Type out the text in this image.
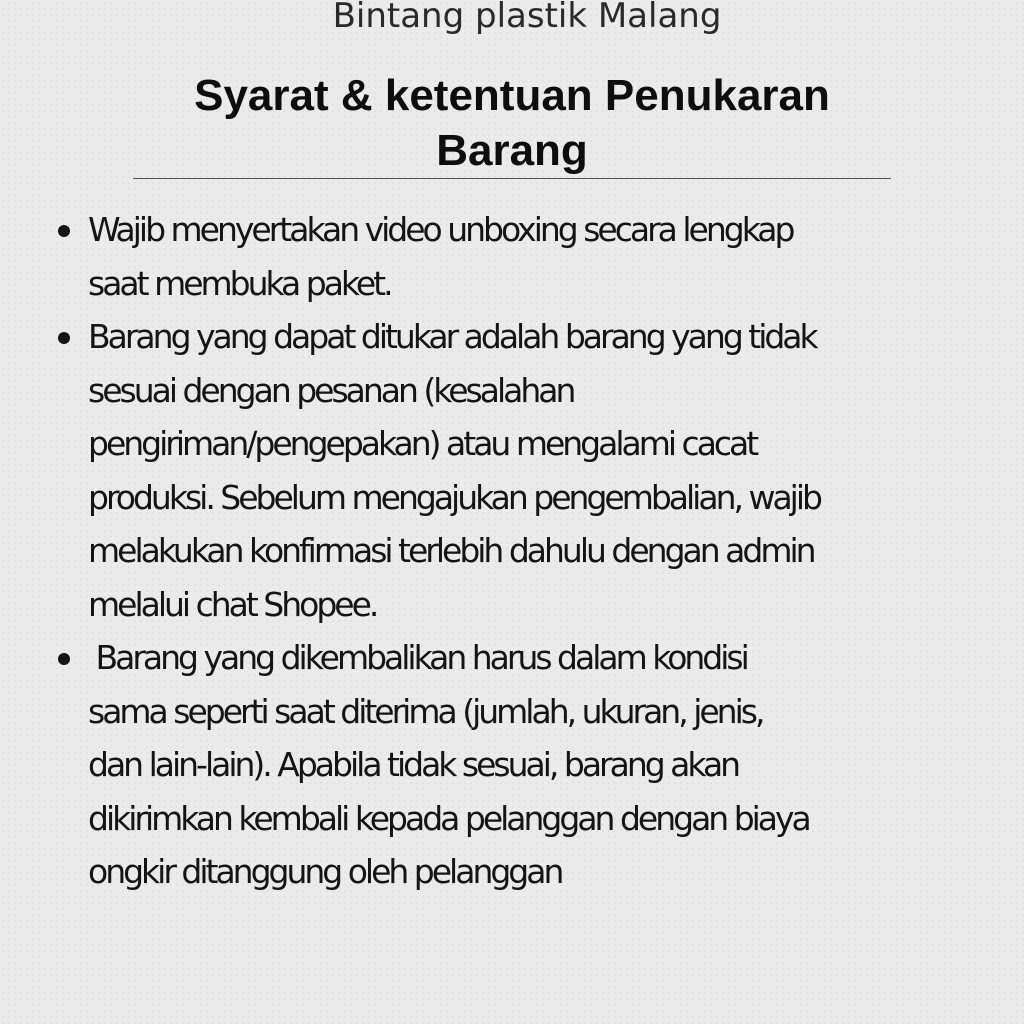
Bintang plastik Malang
Syarat & ketentuan Penukaran Barang
Wajib menyertakan video unboxing secara lengkap
saat membuka paket.
Barang yang dapat ditukar adalah barang yang tidak
sesuai dengan pesanan (kesalahan
pengiriman/pengepakan) atau mengalami cacat
produksi. Sebelum mengajukan pengembalian, wajib
melakukan konfirmasi terlebih dahulu dengan admin
melalui chat Shopee.
Barang yang dikembalikan harus dalam kondisi
sama seperti saat diterima (jumlah, ukuran, jenis,
dan lain-lain). Apabila tidak sesuai, barang akan
dikirimkan kembali kepada pelanggan dengan biaya
ongkir ditanggung oleh pelanggan
